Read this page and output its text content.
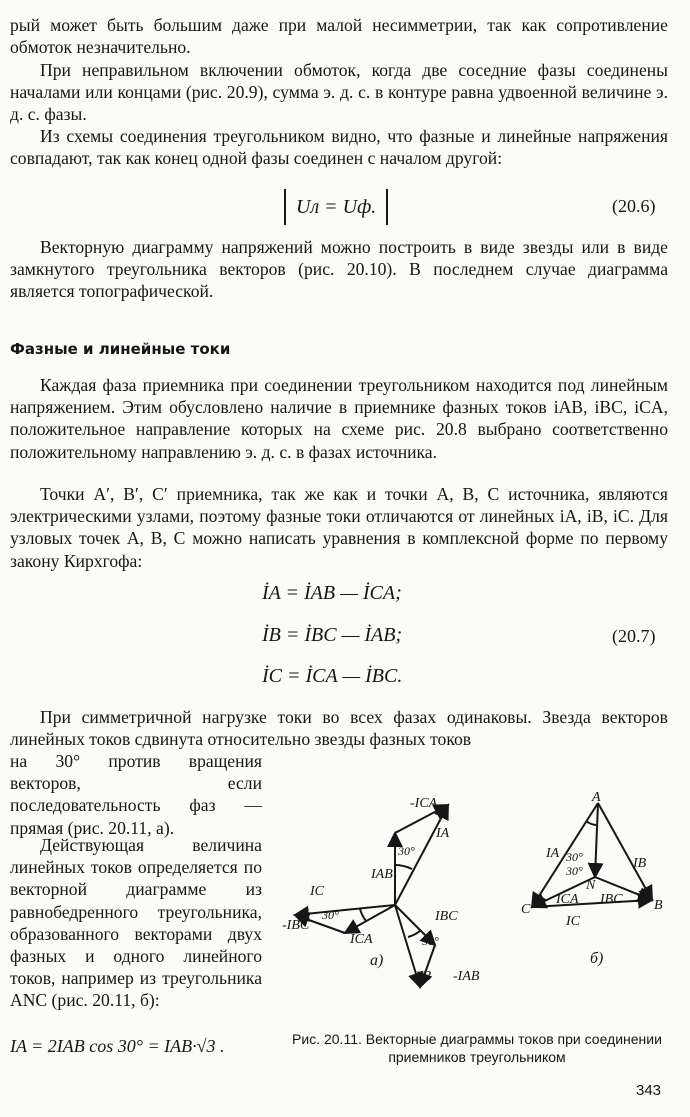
рый может быть большим даже при малой несимметрии, так как сопротивление обмоток незначительно.

При неправильном включении обмоток, когда две соседние фазы соединены началами или концами (рис. 20.9), сумма э. д. с. в контуре равна удвоенной величине э. д. с. фазы.

Из схемы соединения треугольником видно, что фазные и линейные напряжения совпадают, так как конец одной фазы соединен с началом другой:

Uл = Uф.	(20.6)

Векторную диаграмму напряжений можно построить в виде звезды или в виде замкнутого треугольника векторов (рис. 20.10). В последнем случае диаграмма является топографической.

Фазные и линейные токи

Каждая фаза приемника при соединении треугольником находится под линейным напряжением. Этим обусловлено наличие в приемнике фазных токов iAB, iBC, iCA, положительное направление которых на схеме рис. 20.8 выбрано соответственно положительному направлению э. д. с. в фазах источника.

Точки A′, B′, C′ приемника, так же как и точки A, B, C источника, являются электрическими узлами, поэтому фазные токи отличаются от линейных iA, iB, iC. Для узловых точек A, B, C можно написать уравнения в комплексной форме по первому закону Кирхгофа:

İA = İAB — İCA;
İB = İBC — İAB;
İC = İCA — İBC.
(20.7)

При симметричной нагрузке токи во всех фазах одинаковы. Звезда векторов линейных токов сдвинута относительно звезды фазных токов

на 30° против вращения векторов, если последовательность фаз — прямая (рис. 20.11, а).

Действующая величина линейных токов определяется по векторной диаграмме из равнобедренного треугольника, образованного векторами двух фазных и одного линейного токов, например из треугольника ANC (рис. 20.11, б):

IA = 2IAB cos 30° = IAB·√3 .
-ICA
IA
IAB
30°
IC
30°
-IBC
ICA
IBC
30°
IB -IAB
а)
A
IA 30°
30°	IB
N
ICA IBC
C	B
IC
б)
Рис. 20.11. Векторные диаграммы токов при соединении приемников треугольником
343
